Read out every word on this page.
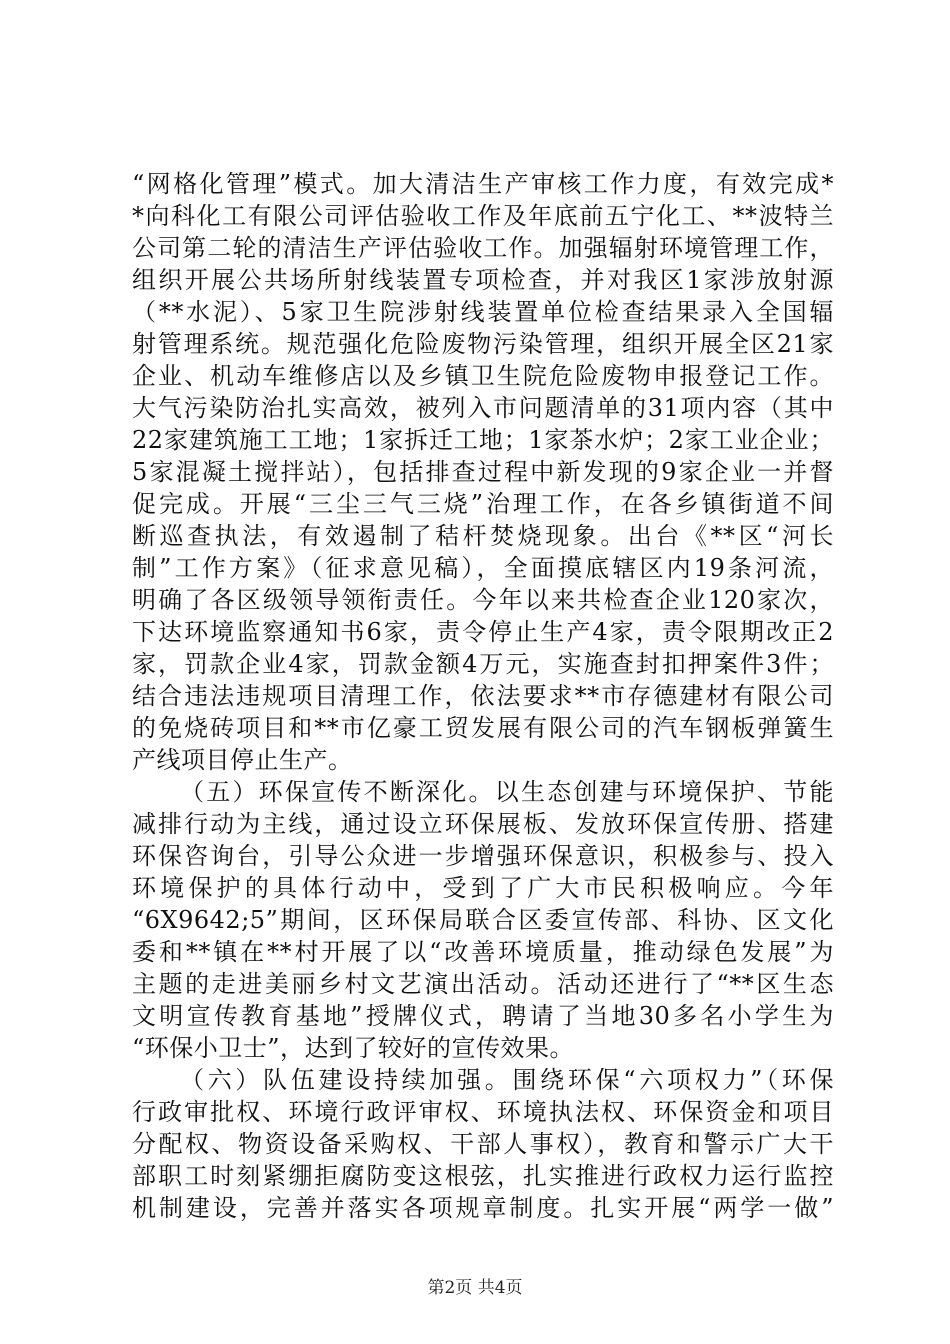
“网格化管理”模式。加大清洁生产审核工作力度，有效完成*
*向科化工有限公司评估验收工作及年底前五宁化工、**波特兰
公司第二轮的清洁生产评估验收工作。加强辐射环境管理工作，
组织开展公共场所射线装置专项检查，并对我区1家涉放射源
（**水泥）、5家卫生院涉射线装置单位检查结果录入全国辐
射管理系统。规范强化危险废物污染管理，组织开展全区21家
企业、机动车维修店以及乡镇卫生院危险废物申报登记工作。
大气污染防治扎实高效，被列入市问题清单的31项内容（其中
22家建筑施工工地；1家拆迁工地；1家茶水炉；2家工业企业；
5家混凝土搅拌站），包括排查过程中新发现的9家企业一并督
促完成。开展“三尘三气三烧”治理工作，在各乡镇街道不间
断巡查执法，有效遏制了秸杆焚烧现象。出台《**区“河长
制”工作方案》（征求意见稿），全面摸底辖区内19条河流，
明确了各区级领导领衔责任。今年以来共检查企业120家次，
下达环境监察通知书6家，责令停止生产4家，责令限期改正2
家，罚款企业4家，罚款金额4万元，实施查封扣押案件3件；
结合违法违规项目清理工作，依法要求**市存德建材有限公司
的免烧砖项目和**市亿豪工贸发展有限公司的汽车钢板弹簧生
产线项目停止生产。
（五）环保宣传不断深化。以生态创建与环境保护、节能
减排行动为主线，通过设立环保展板、发放环保宣传册、搭建
环保咨询台，引导公众进一步增强环保意识，积极参与、投入
环境保护的具体行动中，受到了广大市民积极响应。今年
“6X9642;5”期间，区环保局联合区委宣传部、科协、区文化
委和**镇在**村开展了以“改善环境质量，推动绿色发展”为
主题的走进美丽乡村文艺演出活动。活动还进行了“**区生态
文明宣传教育基地”授牌仪式，聘请了当地30多名小学生为
“环保小卫士”，达到了较好的宣传效果。
（六）队伍建设持续加强。围绕环保“六项权力”（环保
行政审批权、环境行政评审权、环境执法权、环保资金和项目
分配权、物资设备采购权、干部人事权），教育和警示广大干
部职工时刻紧绷拒腐防变这根弦，扎实推进行政权力运行监控
机制建设，完善并落实各项规章制度。扎实开展“两学一做”
第2页 共4页
